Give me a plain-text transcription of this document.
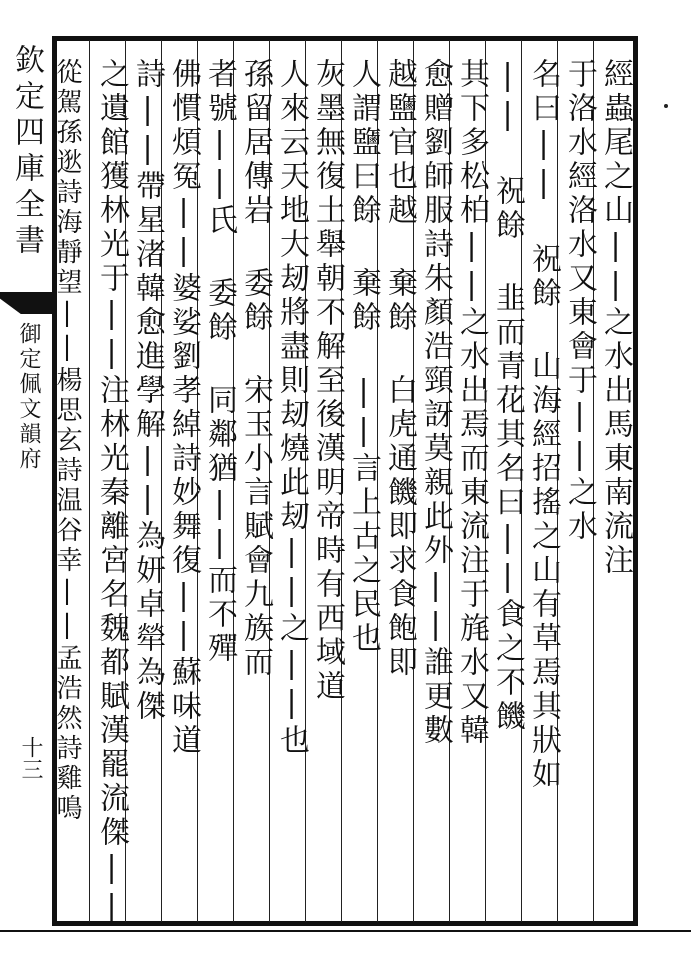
欽定四庫全書
御定佩文韻府
十三
經蟲尾之山||之水出馬東南流注
于洛水經洛水又東會于||之水
名曰|| 祝餘 山海經招搖之山有草焉其狀如
|| 祝餘 韭而青花其名曰||食之不饑
其下多松柏||之水出焉而東流注于旄水又韓
愈贈劉師服詩朱顏浩頸訝莫親此外||誰更數
越鹽官也越 棄餘 白虎通饑即求食飽即
人謂鹽曰餘 棄餘 ||言上古之民也
灰墨無復土舉朝不解至後漢明帝時有西域道
人來云天地大刼將盡則刼燒此刼||之||也
孫留居傳岩 委餘 宋玉小言賦會九族而
者號||氏 委餘 同鄰猶||而不殫
佛慣煩冤||婆娑劉孝綽詩妙舞復||蘇味道
詩||帶星渚韓愈進學解||為妍卓犖為傑
之遺館獲林光于||注林光秦離宮名魏都賦漢罷流傑||
從駕孫逖詩海靜望||楊思玄詩温谷幸||孟浩然詩雞鳴
